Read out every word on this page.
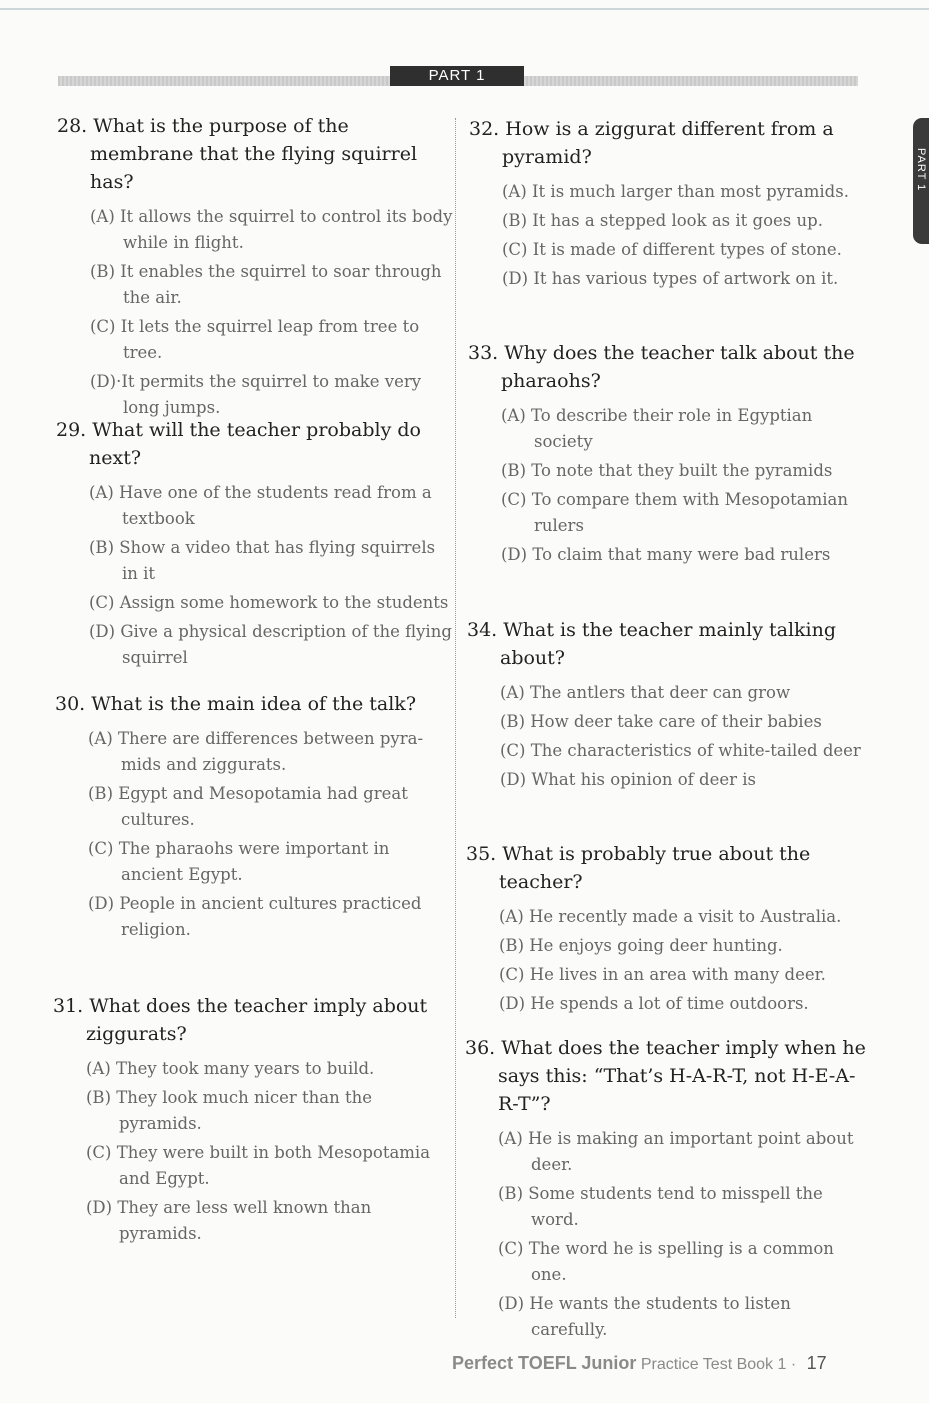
PART 1
PART 1

28. What is the purpose of the membrane that the flying squirrel has?

(A) It allows the squirrel to control its body while in flight.

(B) It enables the squirrel to soar through the air.

(C) It lets the squirrel leap from tree to tree.

(D)·It permits the squirrel to make very long jumps.

29. What will the teacher probably do next?

(A) Have one of the students read from a textbook

(B) Show a video that has flying squirrels in it

(C) Assign some homework to the students

(D) Give a physical description of the flying squirrel

30. What is the main idea of the talk?

(A) There are differences between pyra-mids and ziggurats.

(B) Egypt and Mesopotamia had great cultures.

(C) The pharaohs were important in ancient Egypt.

(D) People in ancient cultures practiced religion.

31. What does the teacher imply about ziggurats?

(A) They took many years to build.

(B) They look much nicer than the pyramids.

(C) They were built in both Mesopotamia and Egypt.

(D) They are less well known than pyramids.

32. How is a ziggurat different from a pyramid?

(A) It is much larger than most pyramids.

(B) It has a stepped look as it goes up.

(C) It is made of different types of stone.

(D) It has various types of artwork on it.

33. Why does the teacher talk about the pharaohs?

(A) To describe their role in Egyptian society

(B) To note that they built the pyramids

(C) To compare them with Mesopotamian rulers

(D) To claim that many were bad rulers

34. What is the teacher mainly talking about?

(A) The antlers that deer can grow

(B) How deer take care of their babies

(C) The characteristics of white-tailed deer

(D) What his opinion of deer is

35. What is probably true about the teacher?

(A) He recently made a visit to Australia.

(B) He enjoys going deer hunting.

(C) He lives in an area with many deer.

(D) He spends a lot of time outdoors.

36. What does the teacher imply when he says this: “That’s H-A-R-T, not H-E-A-R-T”?

(A) He is making an important point about deer.

(B) Some students tend to misspell the word.

(C) The word he is spelling is a common one.

(D) He wants the students to listen carefully.

Perfect TOEFL Junior Practice Test Book 1 · 17
